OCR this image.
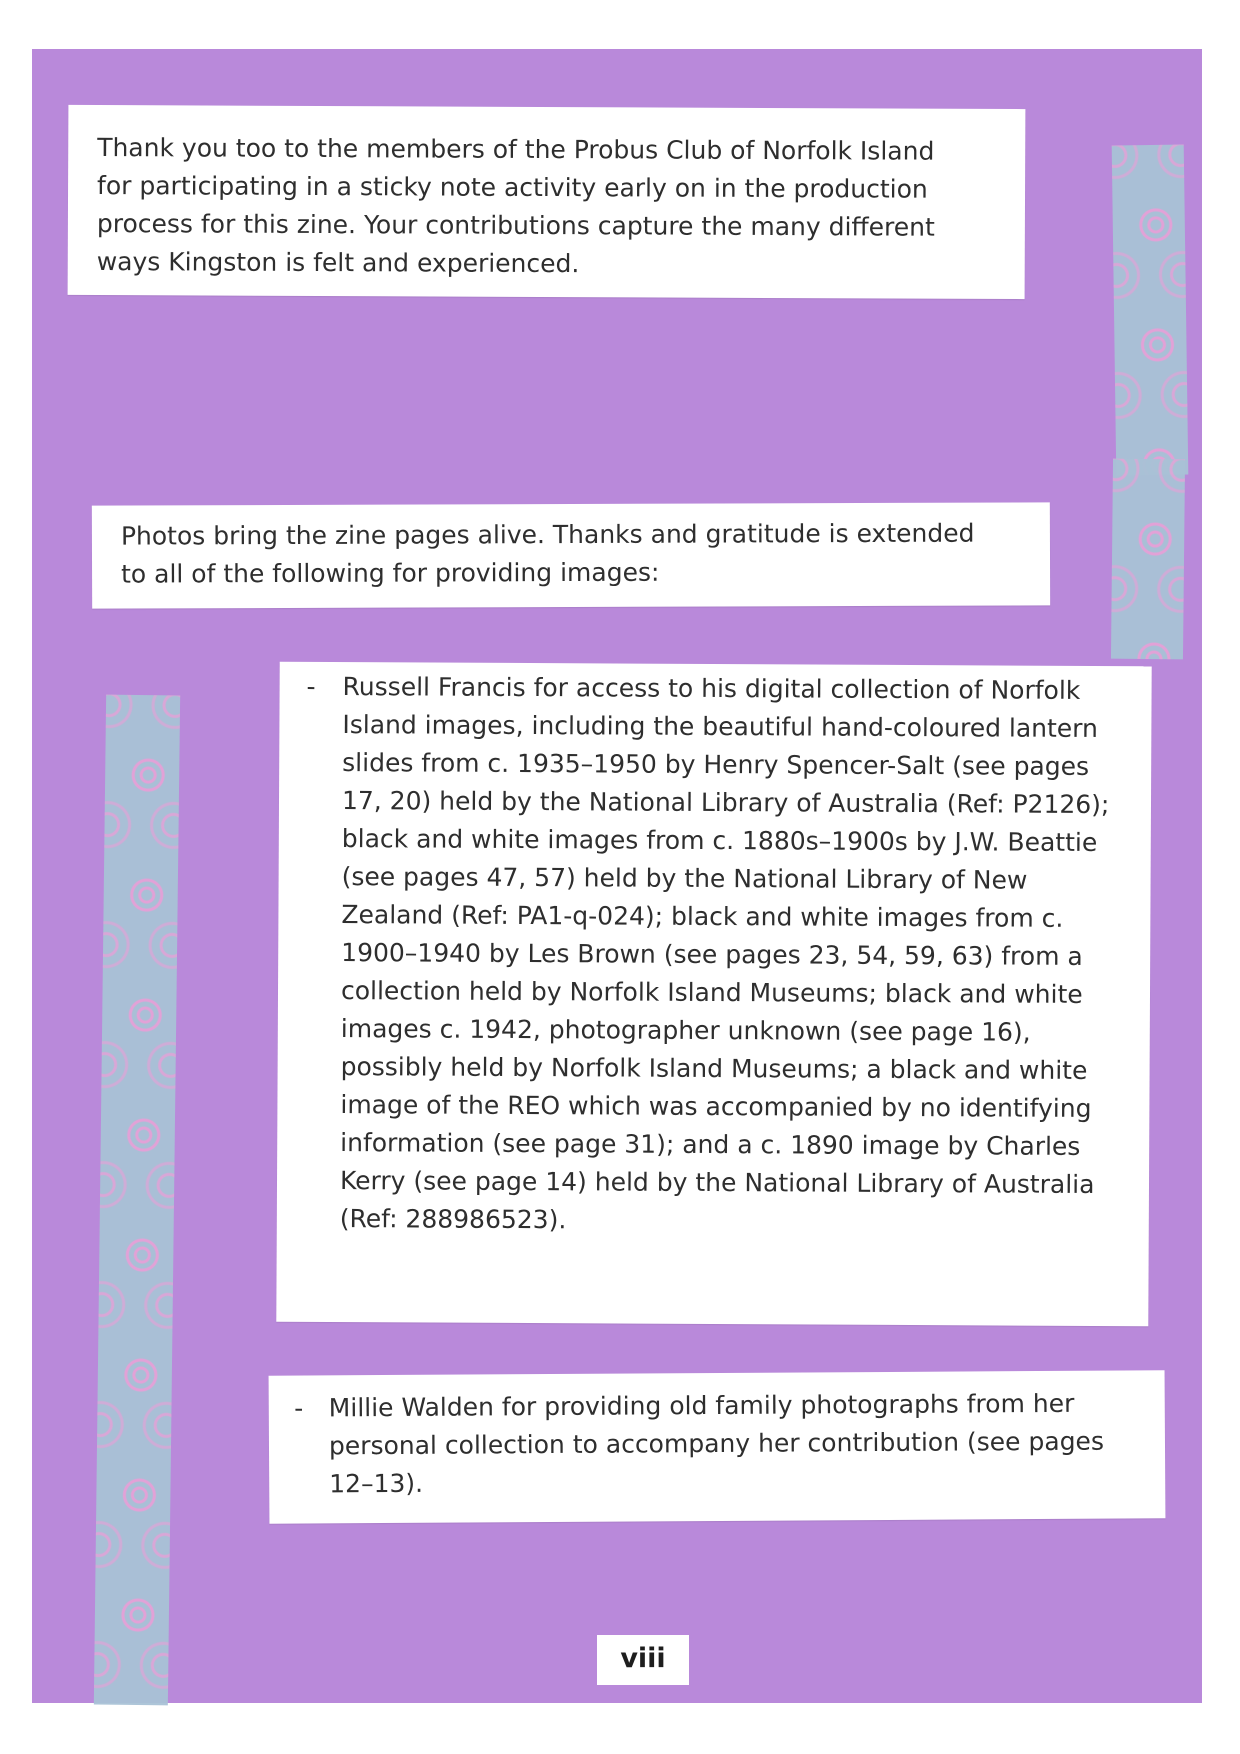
Thank you too to the members of the Probus Club of Norfolk Island for participating in a sticky note activity early on in the production process for this zine. Your contributions capture the many different ways Kingston is felt and experienced.

Photos bring the zine pages alive. Thanks and gratitude is extended to all of the following for providing images:

-	Russell Francis for access to his digital collection of Norfolk Island images, including the beautiful hand-coloured lantern slides from c. 1935–1950 by Henry Spencer-Salt (see pages 17, 20) held by the National Library of Australia (Ref: P2126); black and white images from c. 1880s–1900s by J.W. Beattie (see pages 47, 57) held by the National Library of New Zealand (Ref: PA1-q-024); black and white images from c. 1900–1940 by Les Brown (see pages 23, 54, 59, 63) from a collection held by Norfolk Island Museums; black and white images c. 1942, photographer unknown (see page 16), possibly held by Norfolk Island Museums; a black and white image of the REO which was accompanied by no identifying information (see page 31); and a c. 1890 image by Charles Kerry (see page 14) held by the National Library of Australia (Ref: 288986523).

-	Millie Walden for providing old family photographs from her personal collection to accompany her contribution (see pages 12–13).

viii
